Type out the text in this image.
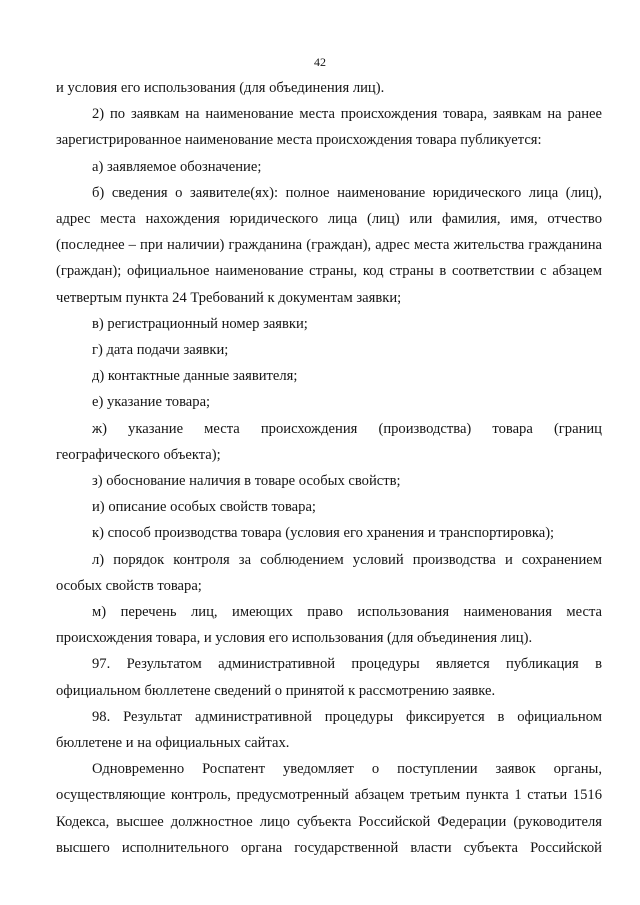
42

и условия его использования (для объединения лиц).

2) по заявкам на наименование места происхождения товара, заявкам на ранее зарегистрированное наименование места происхождения товара публикуется:

а) заявляемое обозначение;

б) сведения о заявителе(ях): полное наименование юридического лица (лиц), адрес места нахождения юридического лица (лиц) или фамилия, имя, отчество (последнее – при наличии) гражданина (граждан), адрес места жительства гражданина (граждан); официальное наименование страны, код страны в соответствии с абзацем четвертым пункта 24 Требований к документам заявки;

в) регистрационный номер заявки;

г) дата подачи заявки;

д) контактные данные заявителя;

е) указание товара;

ж) указание места происхождения (производства) товара (границ географического объекта);

з) обоснование наличия в товаре особых свойств;

и) описание особых свойств товара;

к) способ производства товара (условия его хранения и транспортировка);

л) порядок контроля за соблюдением условий производства и сохранением особых свойств товара;

м) перечень лиц, имеющих право использования наименования места происхождения товара, и условия его использования (для объединения лиц).

97. Результатом административной процедуры является публикация в официальном бюллетене сведений о принятой к рассмотрению заявке.

98. Результат административной процедуры фиксируется в официальном бюллетене и на официальных сайтах.

Одновременно Роспатент уведомляет о поступлении заявок органы, осуществляющие контроль, предусмотренный абзацем третьим пункта 1 статьи 1516 Кодекса, высшее должностное лицо субъекта Российской Федерации (руководителя высшего исполнительного органа государственной власти субъекта Российской
